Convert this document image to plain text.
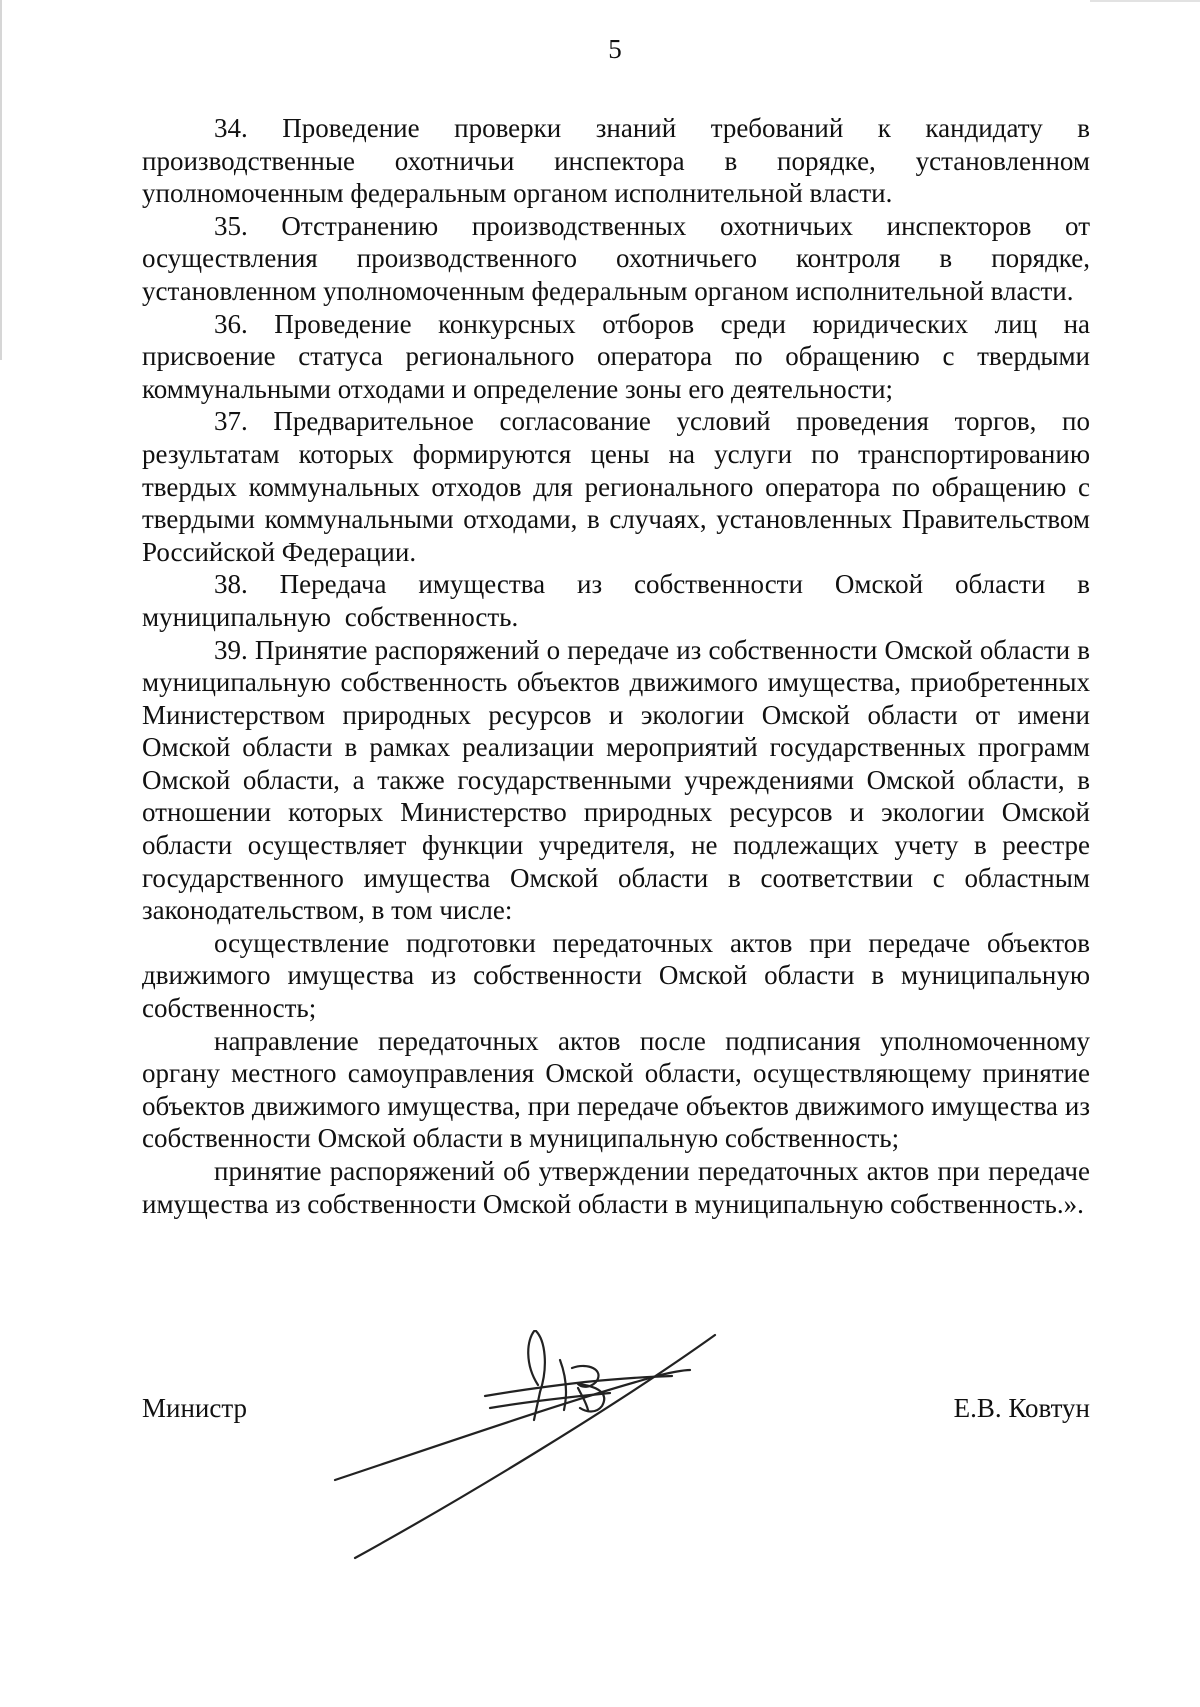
5

34. Проведение проверки знаний требований к кандидату в производственные охотничьи инспектора в порядке, установленном уполномоченным федеральным органом исполнительной власти.

35. Отстранению производственных охотничьих инспекторов от осуществления производственного охотничьего контроля в порядке, установленном уполномоченным федеральным органом исполнительной власти.

36. Проведение конкурсных отборов среди юридических лиц на присвоение статуса регионального оператора по обращению с твердыми коммунальными отходами и определение зоны его деятельности;

37. Предварительное согласование условий проведения торгов, по результатам которых формируются цены на услуги по транспортированию твердых коммунальных отходов для регионального оператора по обращению с твердыми коммунальными отходами, в случаях, установленных Правительством Российской Федерации.

38. Передача имущества из собственности Омской области в муниципальную собственность.

39. Принятие распоряжений о передаче из собственности Омской области в муниципальную собственность объектов движимого имущества, приобретенных Министерством природных ресурсов и экологии Омской области от имени Омской области в рамках реализации мероприятий государственных программ Омской области, а также государственными учреждениями Омской области, в отношении которых Министерство природных ресурсов и экологии Омской области осуществляет функции учредителя, не подлежащих учету в реестре государственного имущества Омской области в соответствии с областным законодательством, в том числе:

осуществление подготовки передаточных актов при передаче объектов движимого имущества из собственности Омской области в муниципальную собственность;

направление передаточных актов после подписания уполномоченному органу местного самоуправления Омской области, осуществляющему принятие объектов движимого имущества, при передаче объектов движимого имущества из собственности Омской области в муниципальную собственность;

принятие распоряжений об утверждении передаточных актов при передаче имущества из собственности Омской области в муниципальную собственность.».

Министр	Е.В. Ковтун
